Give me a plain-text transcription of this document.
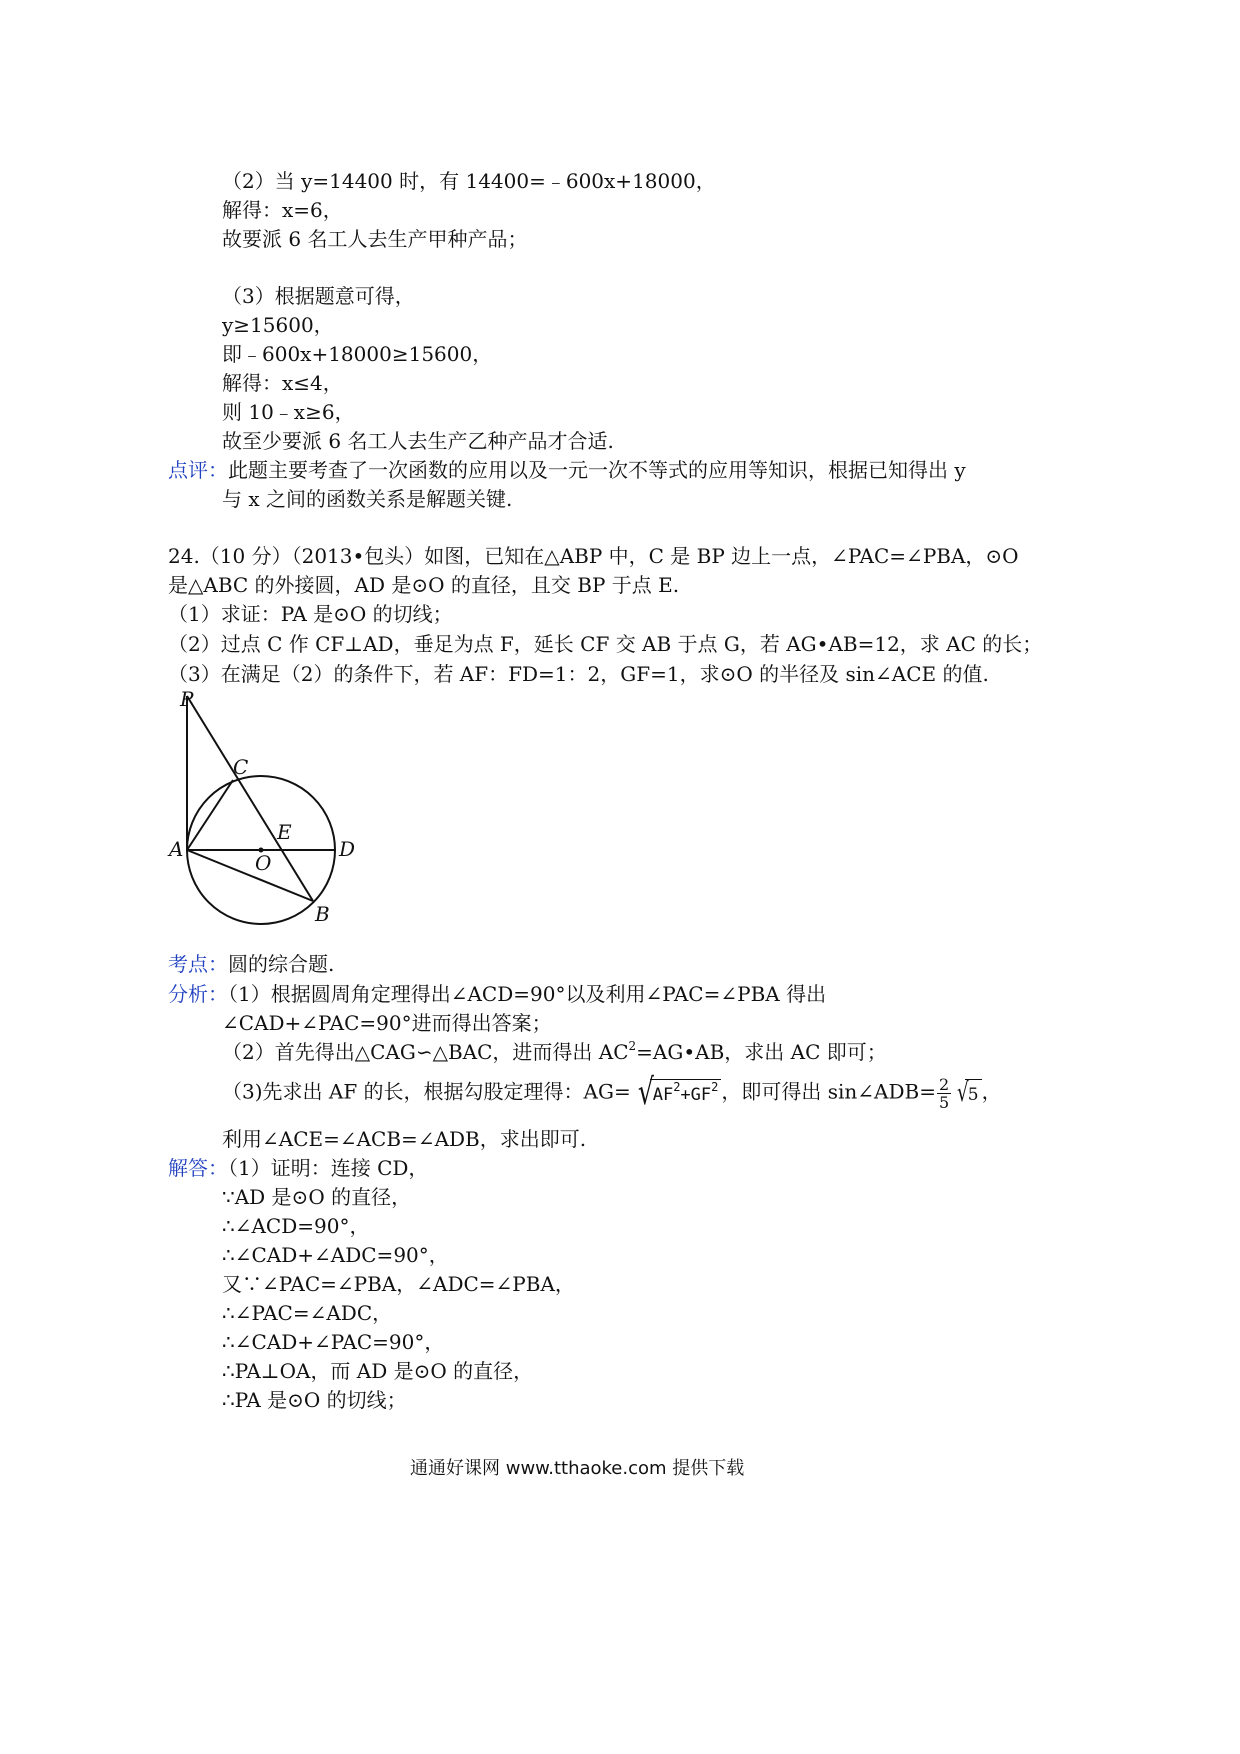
（2）当 y=14400 时，有 14400=﹣600x+18000，
解得：x=6，
故要派 6 名工人去生产甲种产品；
（3）根据题意可得，
y≥15600，
即﹣600x+18000≥15600，
解得：x≤4，
则 10﹣x≥6，
故至少要派 6 名工人去生产乙种产品才合适.
点评：此题主要考查了一次函数的应用以及一元一次不等式的应用等知识，根据已知得出 y
与 x 之间的函数关系是解题关键.
24.（10 分）（2013•包头）如图，已知在△ABP 中，C 是 BP 边上一点，∠PAC=∠PBA，⊙O
是△ABC 的外接圆，AD 是⊙O 的直径，且交 BP 于点 E.
（1）求证：PA 是⊙O 的切线；
（2）过点 C 作 CF⊥AD，垂足为点 F，延长 CF 交 AB 于点 G，若 AG•AB=12，求 AC 的长；
（3）在满足（2）的条件下，若 AF：FD=1：2，GF=1，求⊙O 的半径及 sin∠ACE 的值.
C
E
A
O
D
B
P
考点：圆的综合题.
分析：（1）根据圆周角定理得出∠ACD=90°以及利用∠PAC=∠PBA 得出
∠CAD+∠PAC=90°进而得出答案；
（2）首先得出△CAG∽△BAC，进而得出 $AC^2=AG•AB$，求出 AC 即可；
（3)先求出 AF 的长，根据勾股定理得：$AG= √AF^2+GF^2$ ，即可得出 sin∠ADB= $\frac{2}{5} √5$ ，
利用∠ACE=∠ACB=∠ADB，求出即可.
解答：（1）证明：连接 CD，
∵AD 是⊙O 的直径，
∴∠ACD=90°，
∴∠CAD+∠ADC=90°，
又∵∠PAC=∠PBA，∠ADC=∠PBA，
∴∠PAC=∠ADC，
∴∠CAD+∠PAC=90°，
∴PA⊥OA，而 AD 是⊙O 的直径，
∴PA 是⊙O 的切线；
通通好课网 www.tthaoke.com 提供下载
